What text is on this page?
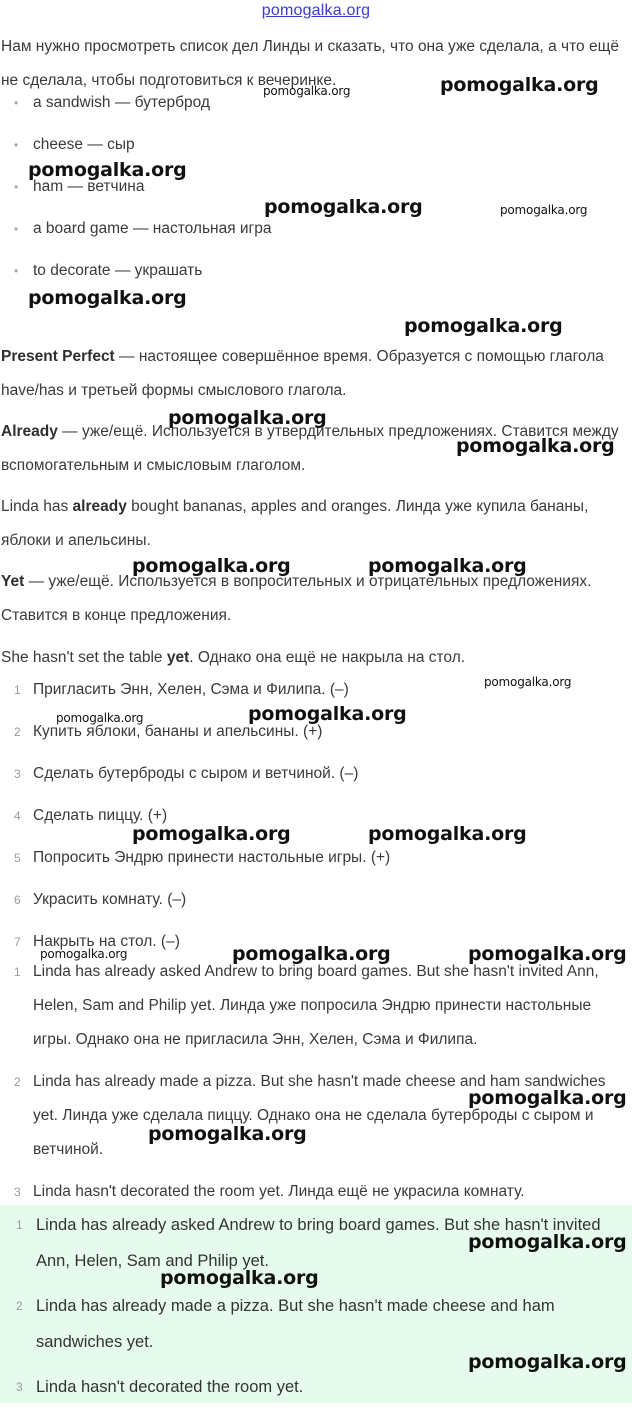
pomogalka.org
Нам нужно просмотреть список дел Линды и сказать, что она уже сделала, а что ещё не сделала, чтобы подготовиться к вечеринке.
• a sandwish — бутерброд
• cheese — сыр
• ham — ветчина
• a board game — настольная игра
• to decorate — украшать
Present Perfect — настоящее совершённое время. Образуется с помощью глагола have/has и третьей формы смыслового глагола.
Already — уже/ещё. Используется в утвердительных предложениях. Ставится между вспомогательным и смысловым глаголом.
Linda has already bought bananas, apples and oranges. Линда уже купила бананы, яблоки и апельсины.
Yet — уже/ещё. Используется в вопросительных и отрицательных предложениях. Ставится в конце предложения.
She hasn't set the table yet. Однако она ещё не накрыла на стол.
1 Пригласить Энн, Хелен, Сэма и Филипа. (–)
2 Купить яблоки, бананы и апельсины. (+)
3 Сделать бутерброды с сыром и ветчиной. (–)
4 Сделать пиццу. (+)
5 Попросить Эндрю принести настольные игры. (+)
6 Украсить комнату. (–)
7 Накрыть на стол. (–)
1 Linda has already asked Andrew to bring board games. But she hasn't invited Ann, Helen, Sam and Philip yet. Линда уже попросила Эндрю принести настольные игры. Однако она не пригласила Энн, Хелен, Сэма и Филипа.
2 Linda has already made a pizza. But she hasn't made cheese and ham sandwiches yet. Линда уже сделала пиццу. Однако она не сделала бутерброды с сыром и ветчиной.
3 Linda hasn't decorated the room yet. Линда ещё не украсила комнату.
1 Linda has already asked Andrew to bring board games. But she hasn't invited Ann, Helen, Sam and Philip yet.
2 Linda has already made a pizza. But she hasn't made cheese and ham sandwiches yet.
3 Linda hasn't decorated the room yet.
pomogalka.org
pomogalka.org
pomogalka.org
pomogalka.org	pomogalka.org
pomogalka.org
pomogalka.org
pomogalka.org
pomogalka.org
pomogalka.org	pomogalka.org
pomogalka.org
pomogalka.org
pomogalka.org
pomogalka.org	pomogalka.org
pomogalka.org	pomogalka.org	pomogalka.org
pomogalka.org
pomogalka.org
pomogalka.org
pomogalka.org
pomogalka.org
